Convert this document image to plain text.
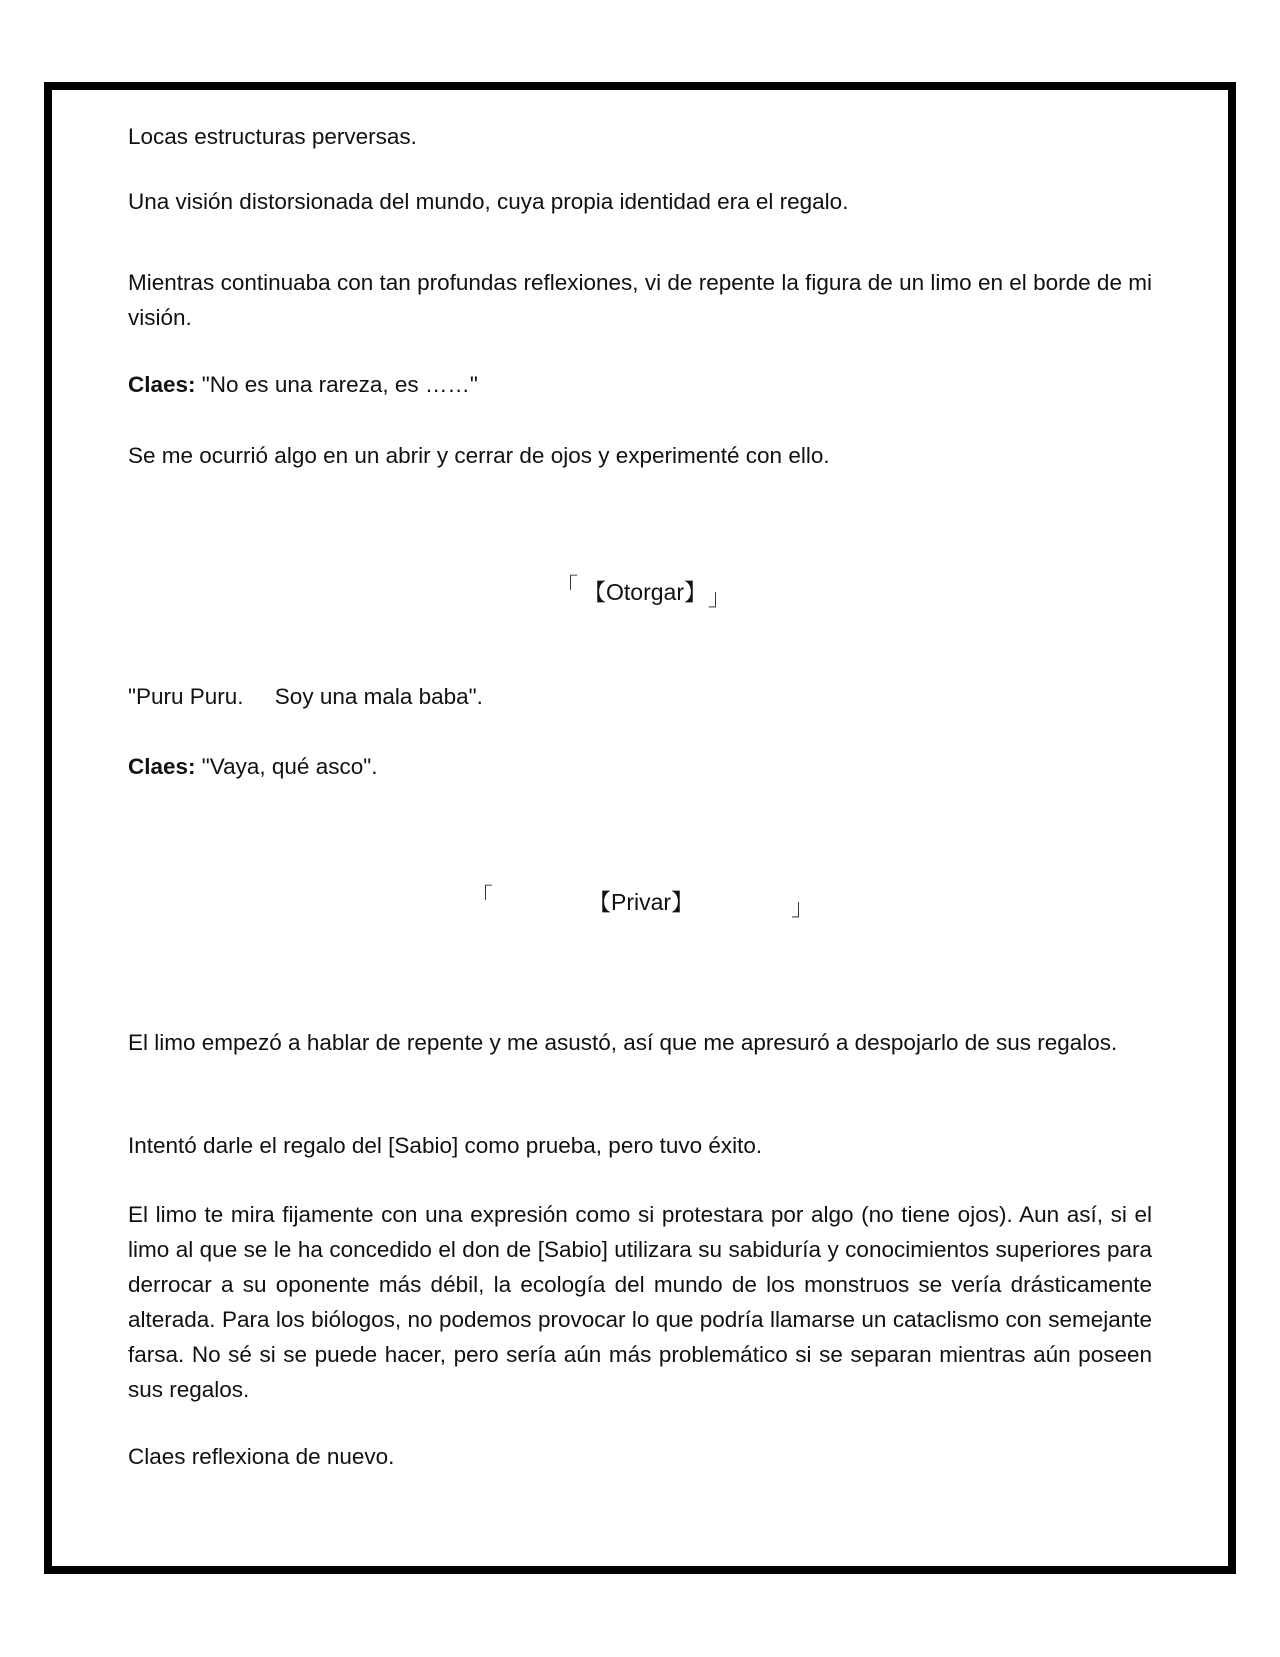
Locas estructuras perversas.

Una visión distorsionada del mundo, cuya propia identidad era el regalo.

Mientras continuaba con tan profundas reflexiones, vi de repente la figura de un limo en el borde de mi visión.

Claes: "No es una rareza, es ……"

Se me ocurrió algo en un abrir y cerrar de ojos y experimenté con ello.

「 【Otorgar】 」

"Puru Puru.     Soy una mala baba".

Claes: "Vaya, qué asco".

「	【Privar】	」

El limo empezó a hablar de repente y me asustó, así que me apresuró a despojarlo de sus regalos.

Intentó darle el regalo del [Sabio] como prueba, pero tuvo éxito.

El limo te mira fijamente con una expresión como si protestara por algo (no tiene ojos). Aun así, si el limo al que se le ha concedido el don de [Sabio] utilizara su sabiduría y conocimientos superiores para derrocar a su oponente más débil, la ecología del mundo de los monstruos se vería drásticamente alterada. Para los biólogos, no podemos provocar lo que podría llamarse un cataclismo con semejante farsa. No sé si se puede hacer, pero sería aún más problemático si se separan mientras aún poseen sus regalos.

Claes reflexiona de nuevo.
